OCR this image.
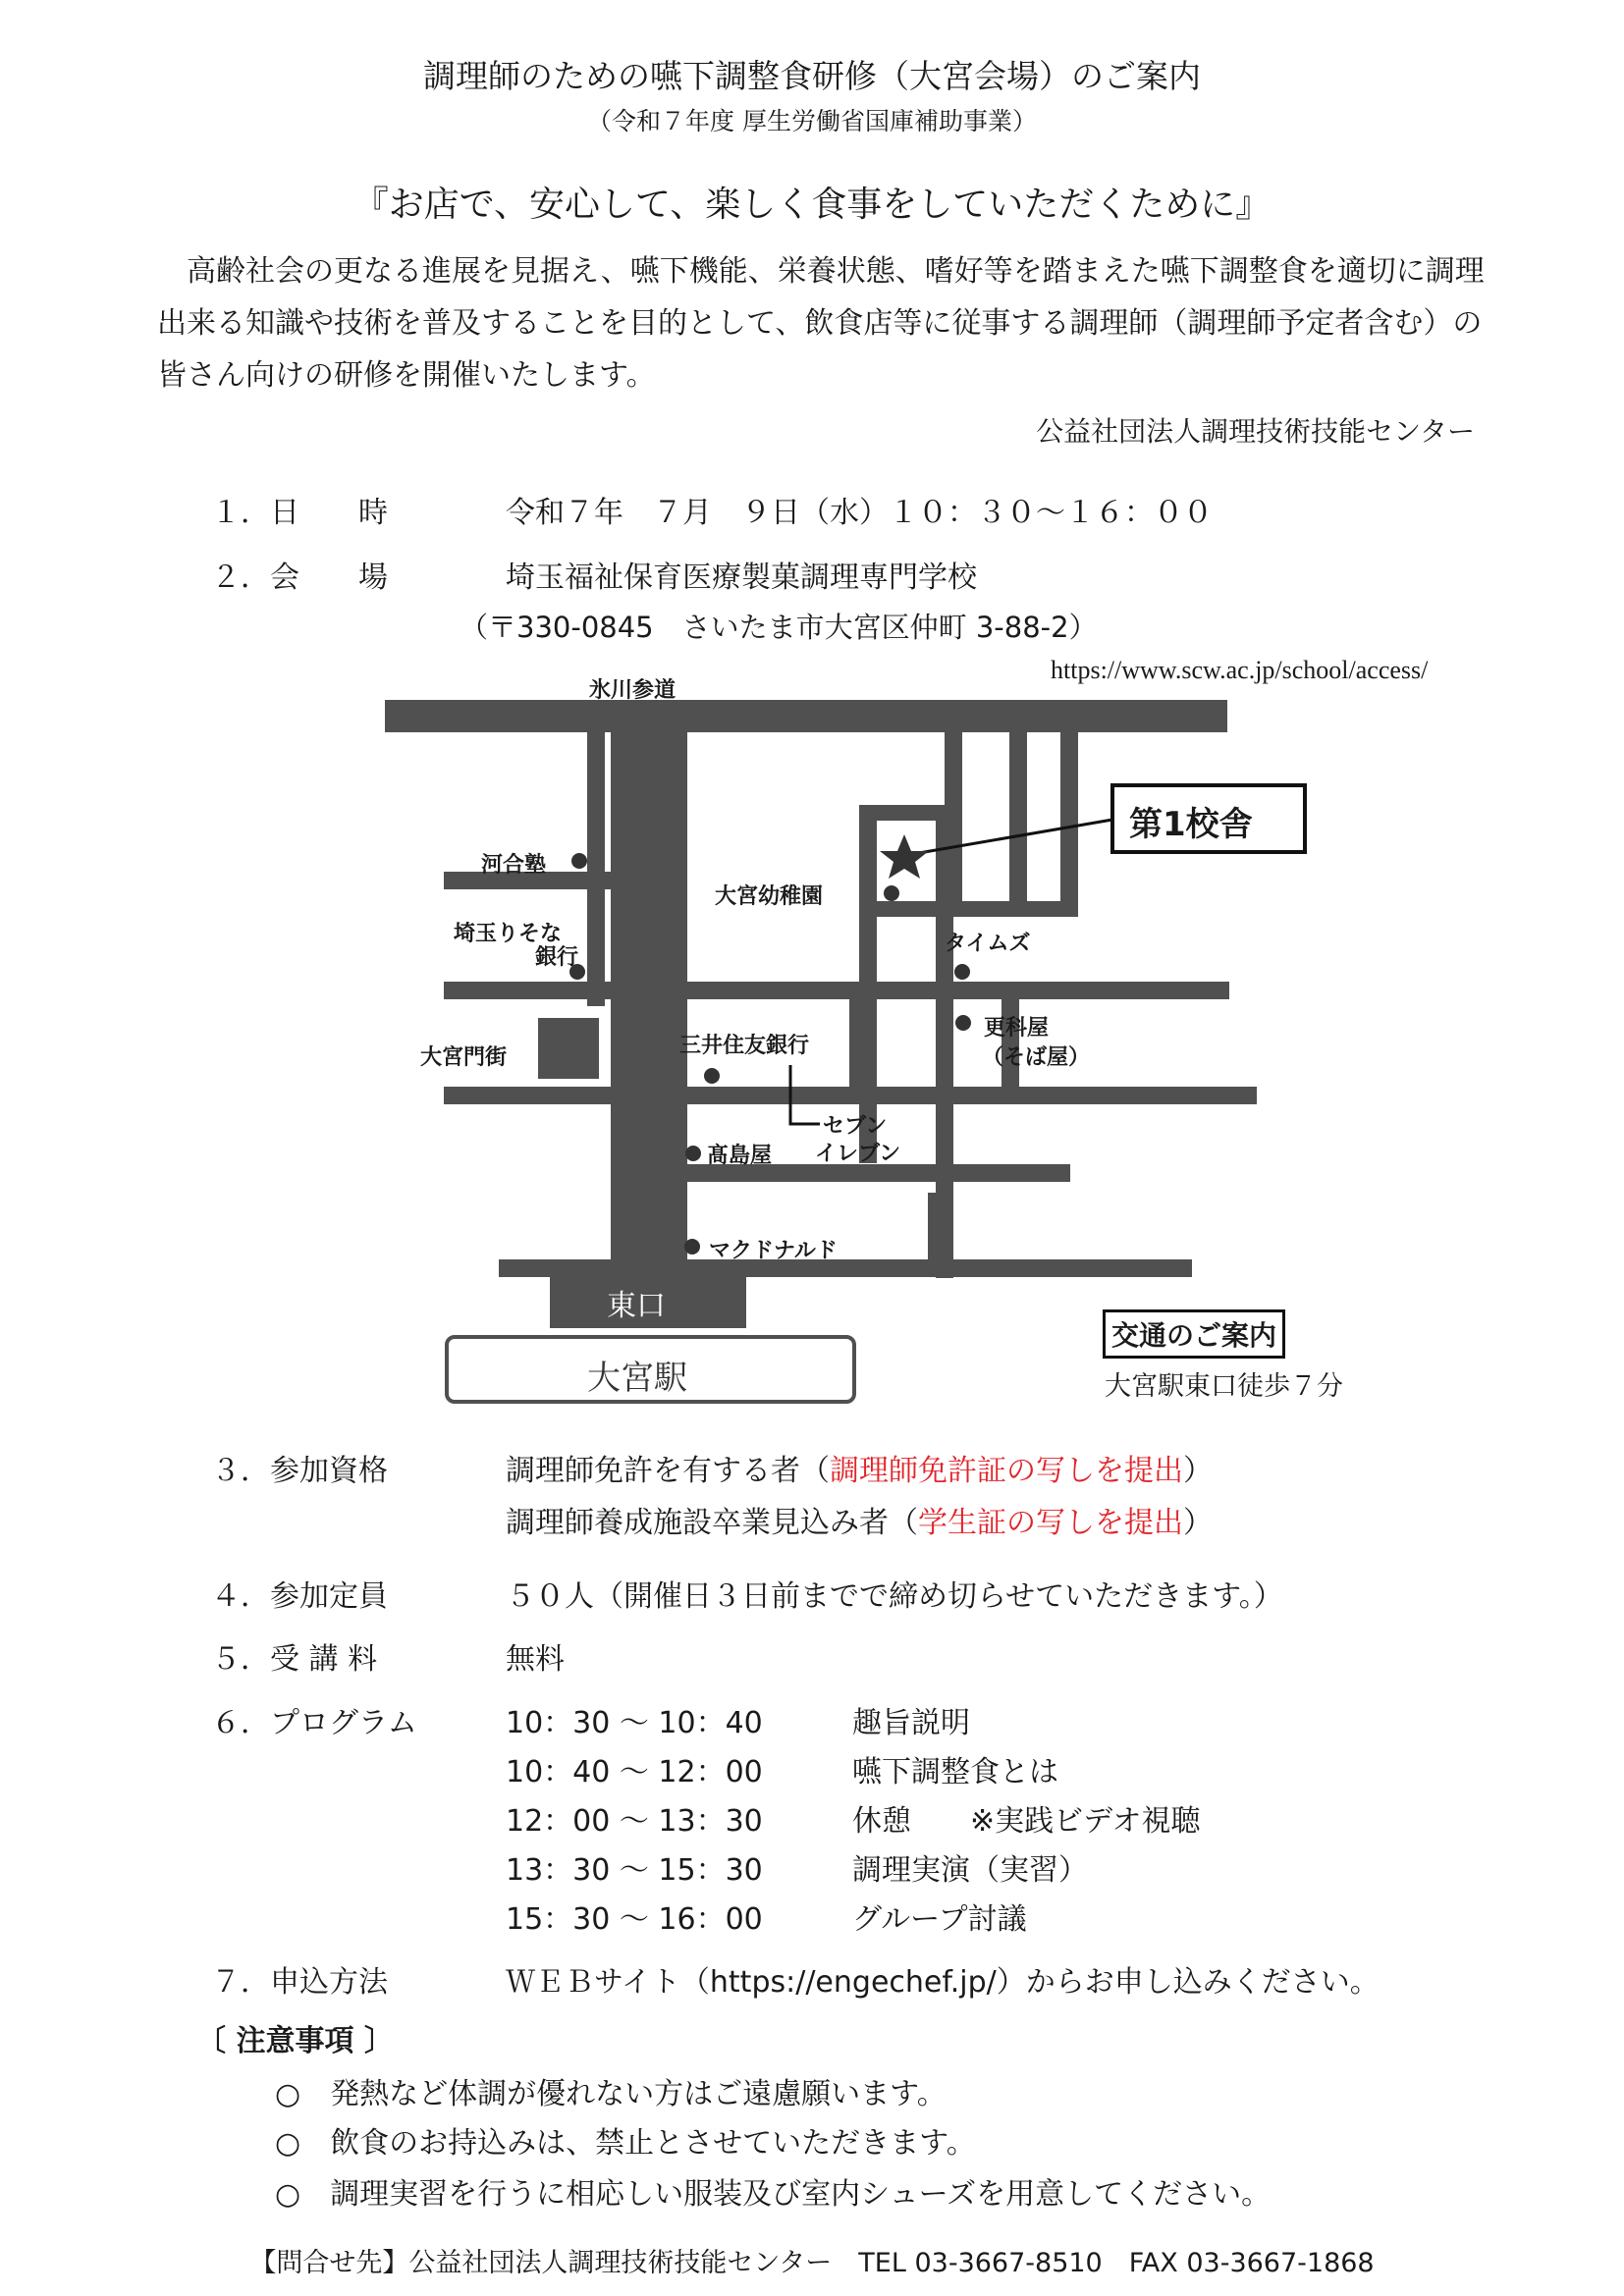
調理師のための嚥下調整食研修（大宮会場）のご案内
（令和７年度 厚生労働省国庫補助事業）
『お店で、安心して、楽しく食事をしていただくために』
高齢社会の更なる進展を見据え、嚥下機能、栄養状態、嗜好等を踏まえた嚥下調整食を適切に調理出来る知識や技術を普及することを目的として、飲食店等に従事する調理師（調理師予定者含む）の皆さん向けの研修を開催いたします。
公益社団法人調理技術技能センター
１．日　　時	令和７年　７月　９日（水）１０：３０～１６：００
２．会　　場	埼玉福祉保育医療製菓調理専門学校
（〒330-0845　さいたま市大宮区仲町 3-88-2）
https://www.scw.ac.jp/school/access/
氷川参道
河合塾
埼玉りそな
銀行
大宮幼稚園
第1校舎
タイムズ
更科屋
（そば屋）
大宮門街	三井住友銀行
セブン
イレブン
髙島屋
マクドナルド
東口
大宮駅
交通のご案内
大宮駅東口徒歩７分
３．参加資格	調理師免許を有する者（調理師免許証の写しを提出）
調理師養成施設卒業見込み者（学生証の写しを提出）
４．参加定員	５０人（開催日３日前までで締め切らせていただきます。）
５．受 講 料	無料
６．プログラム	10：30 ～ 10：40	趣旨説明
10：40 ～ 12：00	嚥下調整食とは
12：00 ～ 13：30	休憩　　※実践ビデオ視聴
13：30 ～ 15：30	調理実演（実習）
15：30 ～ 16：00	グループ討議
７．申込方法	ＷＥＢサイト（https://engechef.jp/）からお申し込みください。
〔 注意事項 〕
○　 発熱など体調が優れない方はご遠慮願います。
○　 飲食のお持込みは、禁止とさせていただきます。
○　 調理実習を行うに相応しい服装及び室内シューズを用意してください。
【問合せ先】公益社団法人調理技術技能センター　TEL 03-3667-8510　FAX 03-3667-1868
